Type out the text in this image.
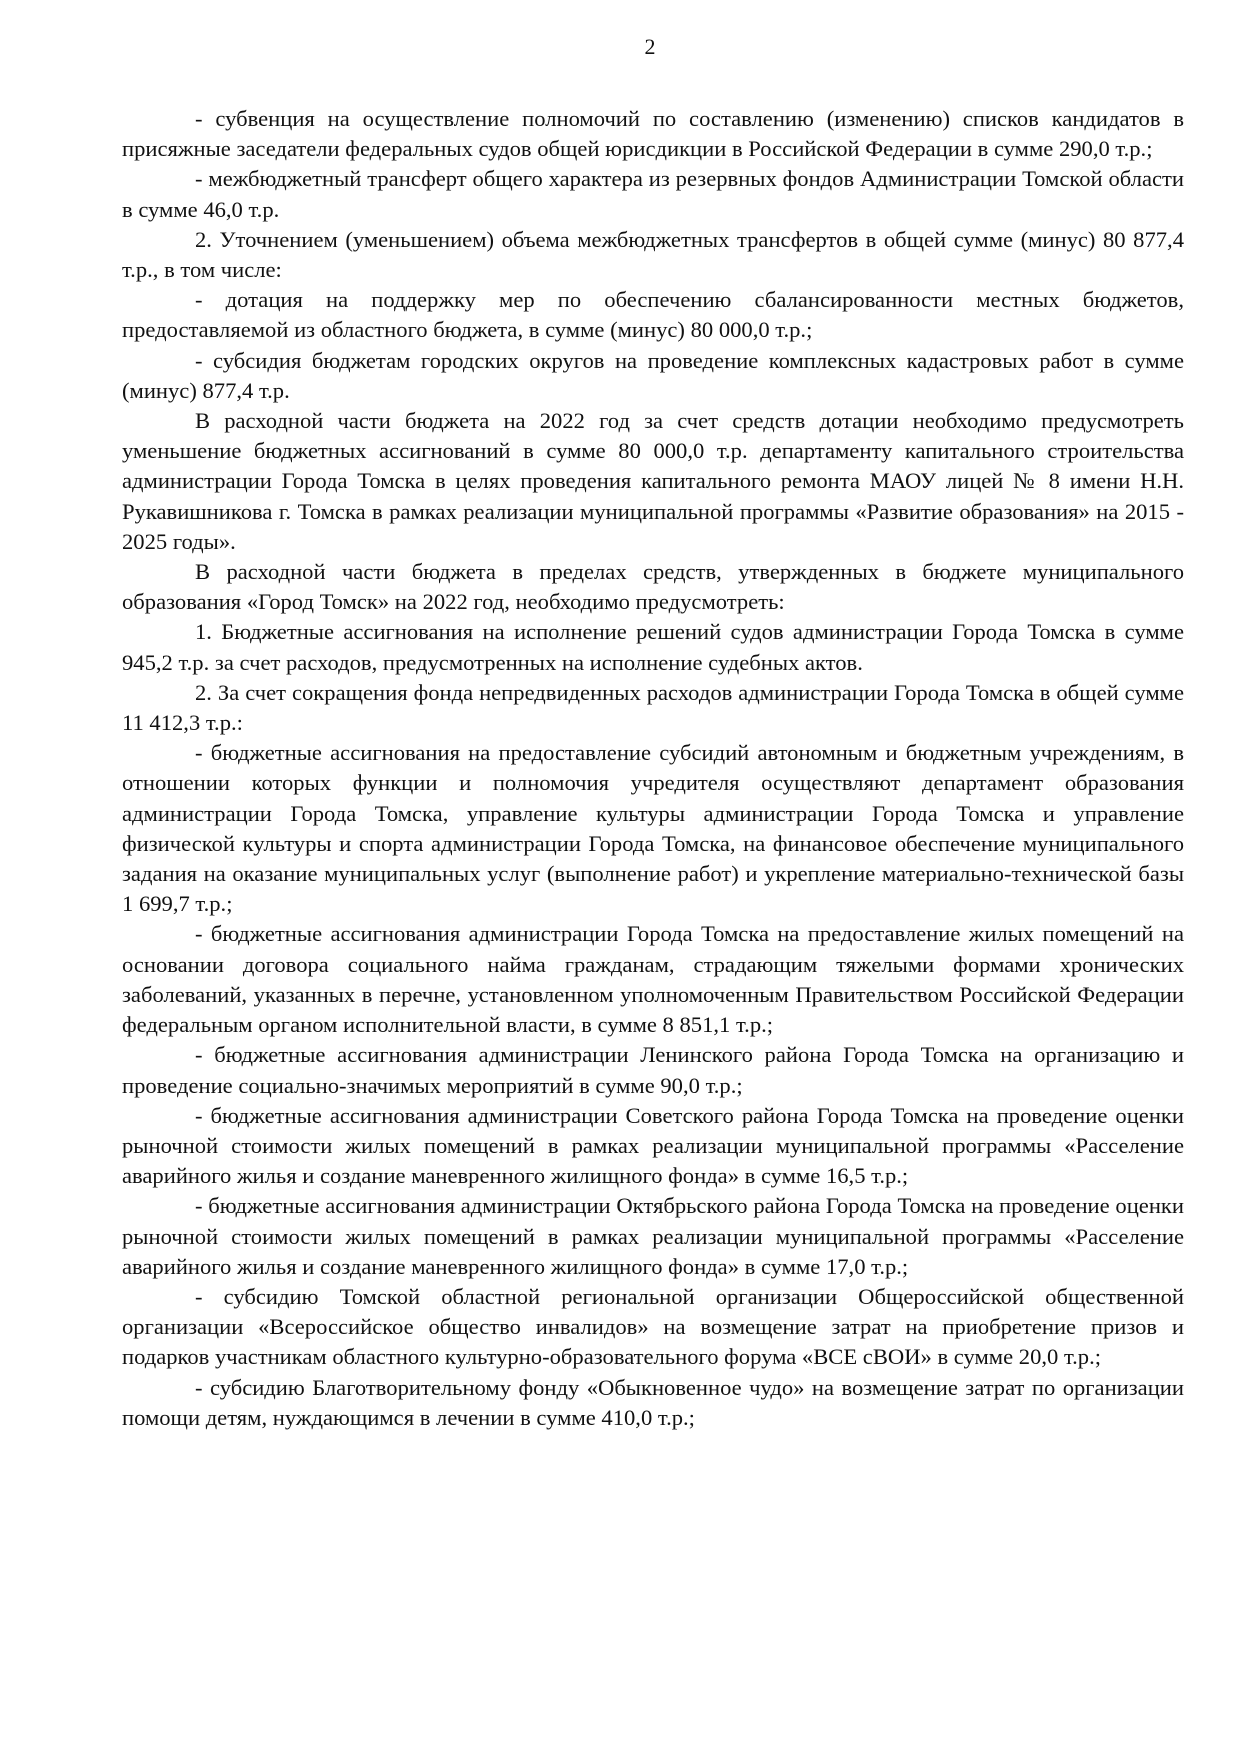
2

- субвенция на осуществление полномочий по составлению (изменению) списков кандидатов в присяжные заседатели федеральных судов общей юрисдикции в Российской Федерации в сумме 290,0 т.р.;

- межбюджетный трансферт общего характера из резервных фондов Администрации Томской области в сумме 46,0 т.р.

2. Уточнением (уменьшением) объема межбюджетных трансфертов в общей сумме (минус) 80 877,4 т.р., в том числе:

- дотация на поддержку мер по обеспечению сбалансированности местных бюджетов, предоставляемой из областного бюджета, в сумме (минус) 80 000,0 т.р.;

- субсидия бюджетам городских округов на проведение комплексных кадастровых работ в сумме (минус) 877,4 т.р.

В расходной части бюджета на 2022 год за счет средств дотации необходимо предусмотреть уменьшение бюджетных ассигнований в сумме 80 000,0 т.р. департаменту капитального строительства администрации Города Томска в целях проведения капитального ремонта МАОУ лицей № 8 имени Н.Н. Рукавишникова г. Томска в рамках реализации муниципальной программы «Развитие образования» на 2015 - 2025 годы».

В расходной части бюджета в пределах средств, утвержденных в бюджете муниципального образования «Город Томск» на 2022 год, необходимо предусмотреть:

1. Бюджетные ассигнования на исполнение решений судов администрации Города Томска в сумме 945,2 т.р. за счет расходов, предусмотренных на исполнение судебных актов.

2. За счет сокращения фонда непредвиденных расходов администрации Города Томска в общей сумме 11 412,3 т.р.:

- бюджетные ассигнования на предоставление субсидий автономным и бюджетным учреждениям, в отношении которых функции и полномочия учредителя осуществляют департамент образования администрации Города Томска, управление культуры администрации Города Томска и управление физической культуры и спорта администрации Города Томска, на финансовое обеспечение муниципального задания на оказание муниципальных услуг (выполнение работ) и укрепление материально-технической базы 1 699,7 т.р.;

- бюджетные ассигнования администрации Города Томска на предоставление жилых помещений на основании договора социального найма гражданам, страдающим тяжелыми формами хронических заболеваний, указанных в перечне, установленном уполномоченным Правительством Российской Федерации федеральным органом исполнительной власти, в сумме 8 851,1 т.р.;

- бюджетные ассигнования администрации Ленинского района Города Томска на организацию и проведение социально-значимых мероприятий в сумме 90,0 т.р.;

- бюджетные ассигнования администрации Советского района Города Томска на проведение оценки рыночной стоимости жилых помещений в рамках реализации муниципальной программы «Расселение аварийного жилья и создание маневренного жилищного фонда» в сумме 16,5 т.р.;

- бюджетные ассигнования администрации Октябрьского района Города Томска на проведение оценки рыночной стоимости жилых помещений в рамках реализации муниципальной программы «Расселение аварийного жилья и создание маневренного жилищного фонда» в сумме 17,0 т.р.;

- субсидию Томской областной региональной организации Общероссийской общественной организации «Всероссийское общество инвалидов» на возмещение затрат на приобретение призов и подарков участникам областного культурно-образовательного форума «ВСЕ сВОИ» в сумме 20,0 т.р.;

- субсидию Благотворительному фонду «Обыкновенное чудо» на возмещение затрат по организации помощи детям, нуждающимся в лечении в сумме 410,0 т.р.;
